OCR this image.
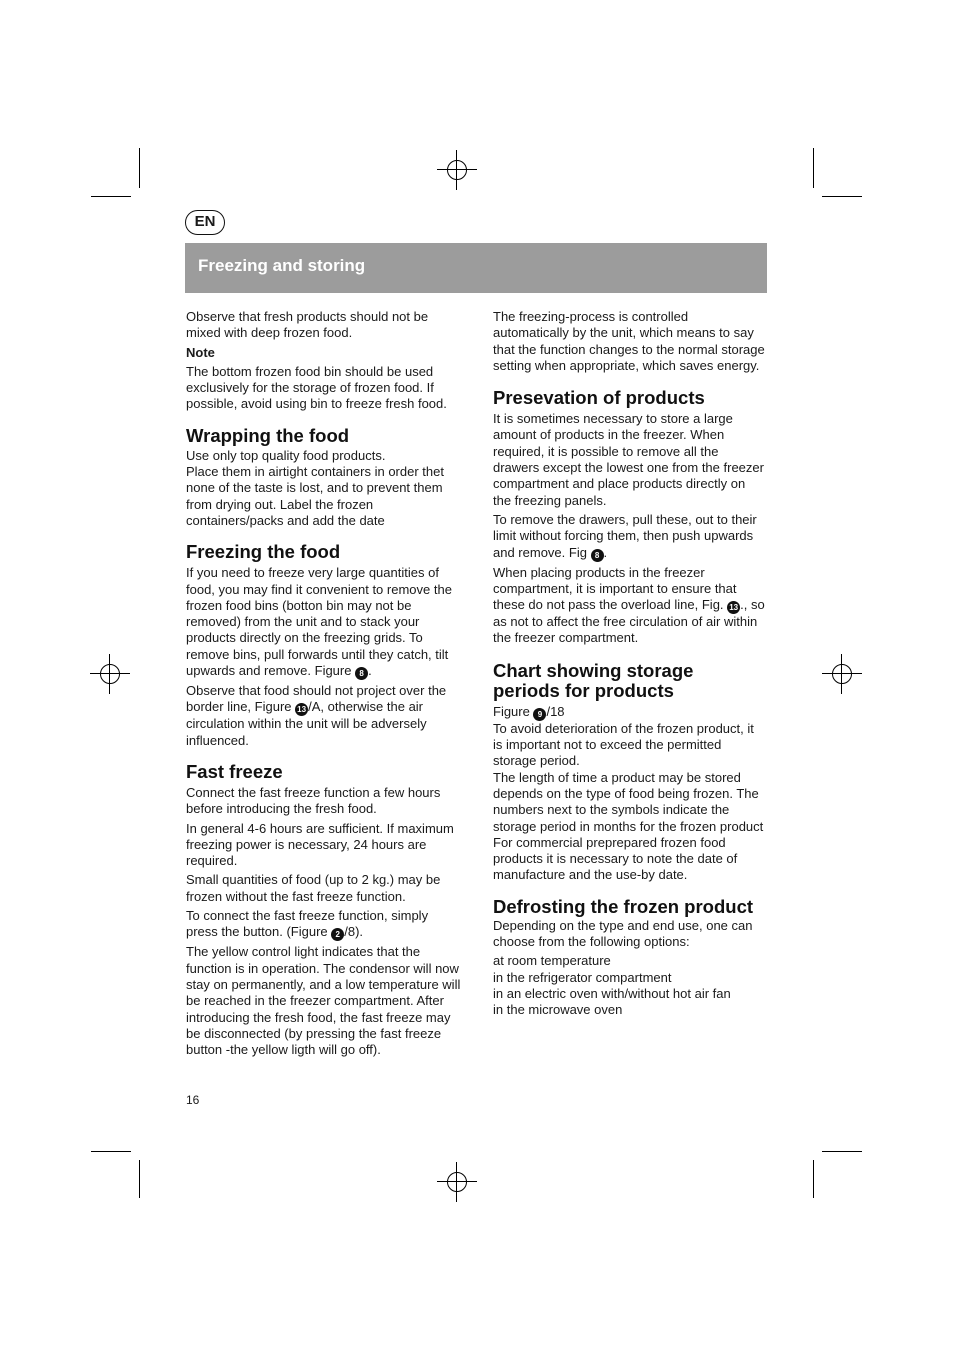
EN
Freezing and storing

Observe that fresh products should not be mixed with deep frozen food.

Note

The bottom frozen food bin should be used exclusively for the storage of frozen food. If possible, avoid using bin to freeze fresh food.

Wrapping the food

Use only top quality food products.

Place them in airtight containers in order thet none of the taste is lost, and to prevent them from drying out. Label the frozen containers/packs and add the date

Freezing the food

If you need to freeze very large quantities of food, you may find it convenient to remove the frozen food bins (botton bin may not be removed) from the unit and to stack your products directly on the freezing grids. To remove bins, pull forwards until they catch, tilt upwards and remove. Figure 8 .

Observe that food should not project over the border line, Figure 13 /A, otherwise the air circulation within the unit will be adversely influenced.

Fast freeze

Connect the fast freeze function a few hours before introducing the fresh food.

In general 4-6 hours are sufficient. If maximum freezing power is necessary, 24 hours are required.

Small quantities of food (up to 2 kg.) may be frozen without the fast freeze function.

To connect the fast freeze function, simply press the button. (Figure 2 /8).

The yellow control light indicates that the function is in operation. The condensor will now stay on permanently, and a low temperature will be reached in the freezer compartment. After introducing the fresh food, the fast freeze may be disconnected (by pressing the fast freeze button -the yellow ligth will go off).

The freezing-process is controlled automatically by the unit, which means to say that the function changes to the normal storage setting when appropriate, which saves energy.

Presevation of products

It is sometimes necessary to store a large amount of products in the freezer. When required, it is possible to remove all the drawers except the lowest one from the freezer compartment and place products directly on the freezing panels.

To remove the drawers, pull these, out to their limit without forcing them, then push upwards and remove. Fig 8 .

When placing products in the freezer compartment, it is important to ensure that these do not pass the overload line, Fig. 13 ., so as not to affect the free circulation of air within the freezer compartment.

Chart showing storage periods for products

Figure 9 /18

To avoid deterioration of the frozen product, it is important not to exceed the permitted storage period.

The length of time a product may be stored depends on the type of food being frozen. The numbers next to the symbols indicate the storage period in months for the frozen product For commercial preprepared frozen food products it is necessary to note the date of manufacture and the use-by date.

Defrosting the frozen product

Depending on the type and end use, one can choose from the following options:

at room temperature

in the refrigerator compartment

in an electric oven with/without hot air fan

in the microwave oven

16
